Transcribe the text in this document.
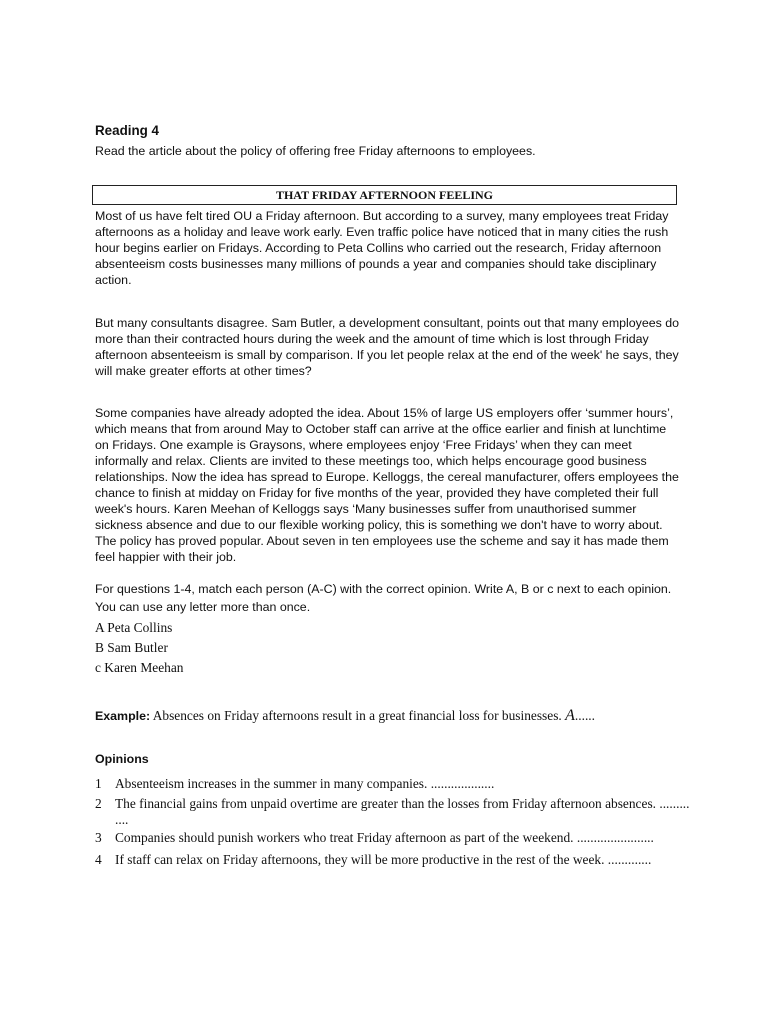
Reading 4
Read the article about the policy of offering free Friday afternoons to employees.
THAT FRIDAY AFTERNOON FEELING

Most of us have felt tired OU a Friday afternoon. But according to a survey, many employees treat Friday afternoons as a holiday and leave work early. Even traffic police have noticed that in many cities the rush hour begins earlier on Fridays. According to Peta Collins who carried out the research, Friday afternoon absenteeism costs businesses many millions of pounds a year and companies should take disciplinary action.

But many consultants disagree. Sam Butler, a development consultant, points out that many employees do more than their contracted hours during the week and the amount of time which is lost through Friday afternoon absenteeism is small by comparison. If you let people relax at the end of the week' he says, they will make greater efforts at other times?

Some companies have already adopted the idea. About 15% of large US employers offer ‘summer hours’, which means that from around May to October staff can arrive at the office earlier and finish at lunchtime on Fridays. One example is Graysons, where employees enjoy ‘Free Fridays’ when they can meet informally and relax. Clients are invited to these meetings too, which helps encourage good business relationships. Now the idea has spread to Europe. Kelloggs, the cereal manufacturer, offers employees the chance to finish at midday on Friday for five months of the year, provided they have completed their full week's hours. Karen Meehan of Kelloggs says ‘Many businesses suffer from unauthorised summer sickness absence and due to our flexible working policy, this is something we don't have to worry about. The policy has proved popular. About seven in ten employees use the scheme and say it has made them feel happier with their job.

For questions 1-4, match each person (A-C) with the correct opinion. Write A, B or c next to each opinion. You can use any letter more than once.
A Peta Collins
B Sam Butler
c Karen Meehan
Example: Absences on Friday afternoons result in a great financial loss for businesses. A......
Opinions
1 Absenteeism increases in the summer in many companies. ...................
2 The financial gains from unpaid overtime are greater than the losses from Friday afternoon absences. ......... ....
3 Companies should punish workers who treat Friday afternoon as part of the weekend. .......................
4 If staff can relax on Friday afternoons, they will be more productive in the rest of the week. .............
